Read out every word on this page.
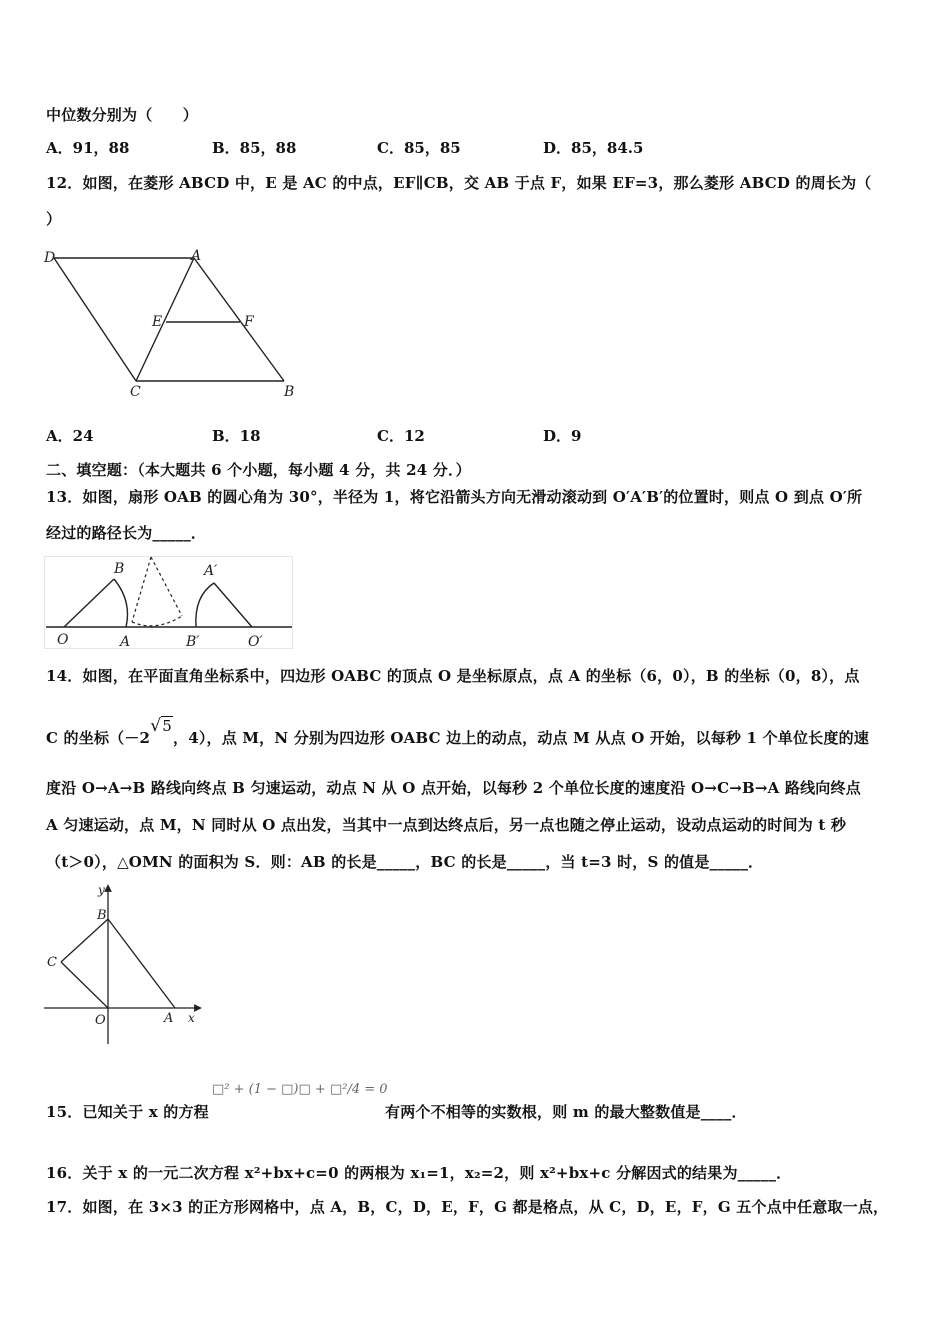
中位数分别为（　　）
A．91，88	B．85，88	C．85，85	D．85，84.5
12．如图，在菱形 ABCD 中，E 是 AC 的中点，EF∥CB，交 AB 于点 F，如果 EF=3，那么菱形 ABCD 的周长为（
）
D	A
E	F
C	B
A．24	B．18	C．12	D．9
二、填空题：（本大题共 6 个小题，每小题 4 分，共 24 分．）
13．如图，扇形 OAB 的圆心角为 30°，半径为 1，将它沿箭头方向无滑动滚动到 O′A′B′的位置时，则点 O 到点 O′所
经过的路径长为_____．
B	A′
O	A	B′	O′
14．如图，在平面直角坐标系中，四边形 OABC 的顶点 O 是坐标原点，点 A 的坐标（6，0），B 的坐标（0，8），点
C 的坐标（－2√5，4），点 M，N 分别为四边形 OABC 边上的动点，动点 M 从点 O 开始，以每秒 1 个单位长度的速
度沿 O→A→B 路线向终点 B 匀速运动，动点 N 从 O 点开始，以每秒 2 个单位长度的速度沿 O→C→B→A 路线向终点
A 匀速运动，点 M，N 同时从 O 点出发，当其中一点到达终点后，另一点也随之停止运动，设动点运动的时间为 t 秒
（t＞0），△OMN 的面积为 S．则：AB 的长是_____，BC 的长是_____，当 t=3 时，S 的值是_____．
y
B
C
O	A x
15．已知关于 x 的方程
□² + (1 − □)□ + □²/4 = 0
有两个不相等的实数根，则 m 的最大整数值是____．
16．关于 x 的一元二次方程 x²+bx+c=0 的两根为 x₁=1，x₂=2，则 x²+bx+c 分解因式的结果为_____．
17．如图，在 3×3 的正方形网格中，点 A，B，C，D，E，F，G 都是格点，从 C，D，E，F，G 五个点中任意取一点，
